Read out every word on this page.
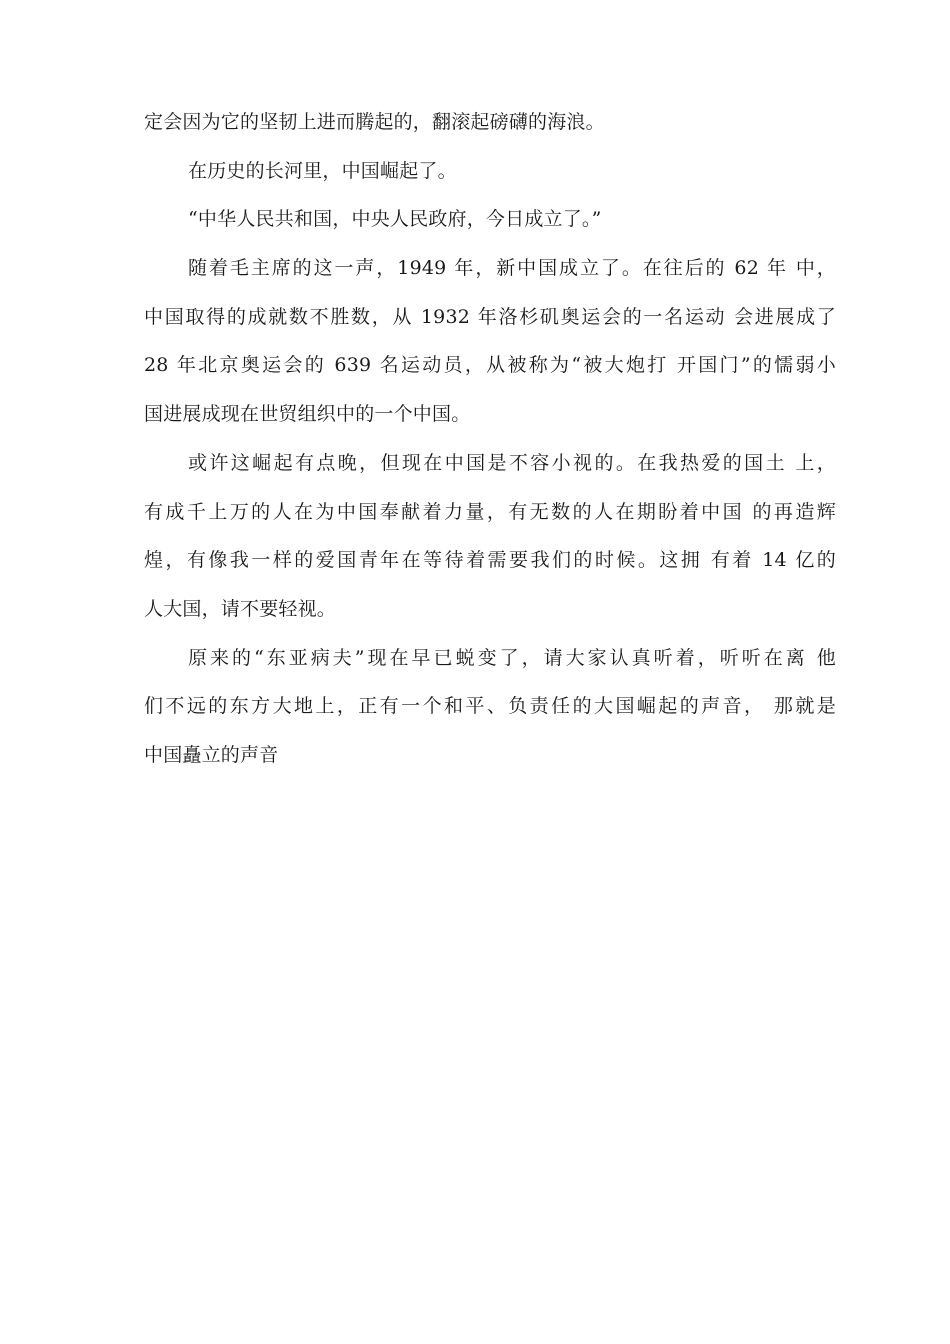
定会因为它的坚韧上进而腾起的，翻滚起磅礴的海浪。
在历史的长河里，中国崛起了。
“中华人民共和国，中央人民政府，今日成立了。”
随着毛主席的这一声，1949 年，新中国成立了。在往后的 62 年 中，
中国取得的成就数不胜数，从 1932 年洛杉矶奥运会的一名运动 会进展成了
28 年北京奥运会的 639 名运动员，从被称为“被大炮打 开国门”的懦弱小
国进展成现在世贸组织中的一个中国。
或许这崛起有点晚，但现在中国是不容小视的。在我热爱的国土 上，
有成千上万的人在为中国奉献着力量，有无数的人在期盼着中国 的再造辉
煌，有像我一样的爱国青年在等待着需要我们的时候。这拥 有着 14 亿的
人大国，请不要轻视。
原来的“东亚病夫”现在早已蜕变了，请大家认真听着，听听在离 他
们不远的东方大地上，正有一个和平、负责任的大国崛起的声音， 那就是
中国矗立的声音
